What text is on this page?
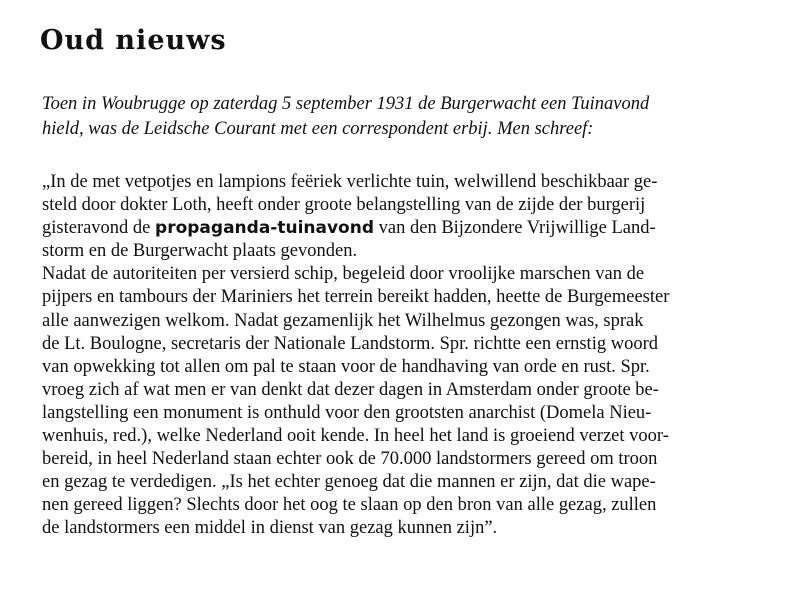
Oud nieuws

Toen in Woubrugge op zaterdag 5 september 1931 de Burgerwacht een Tuinavond
hield, was de Leidsche Courant met een correspondent erbij. Men schreef:

„In de met vetpotjes en lampions feëriek verlichte tuin, welwillend beschikbaar ge-
steld door dokter Loth, heeft onder groote belangstelling van de zijde der burgerij
gisteravond de propaganda-tuinavond van den Bijzondere Vrijwillige Land-
storm en de Burgerwacht plaats gevonden.
Nadat de autoriteiten per versierd schip, begeleid door vroolijke marschen van de
pijpers en tambours der Mariniers het terrein bereikt hadden, heette de Burgemeester
alle aanwezigen welkom. Nadat gezamenlijk het Wilhelmus gezongen was, sprak
de Lt. Boulogne, secretaris der Nationale Landstorm. Spr. richtte een ernstig woord
van opwekking tot allen om pal te staan voor de handhaving van orde en rust. Spr.
vroeg zich af wat men er van denkt dat dezer dagen in Amsterdam onder groote be-
langstelling een monument is onthuld voor den grootsten anarchist (Domela Nieu-
wenhuis, red.), welke Nederland ooit kende. In heel het land is groeiend verzet voor-
bereid, in heel Nederland staan echter ook de 70.000 landstormers gereed om troon
en gezag te verdedigen. „Is het echter genoeg dat die mannen er zijn, dat die wape-
nen gereed liggen? Slechts door het oog te slaan op den bron van alle gezag, zullen
de landstormers een middel in dienst van gezag kunnen zijn”.
